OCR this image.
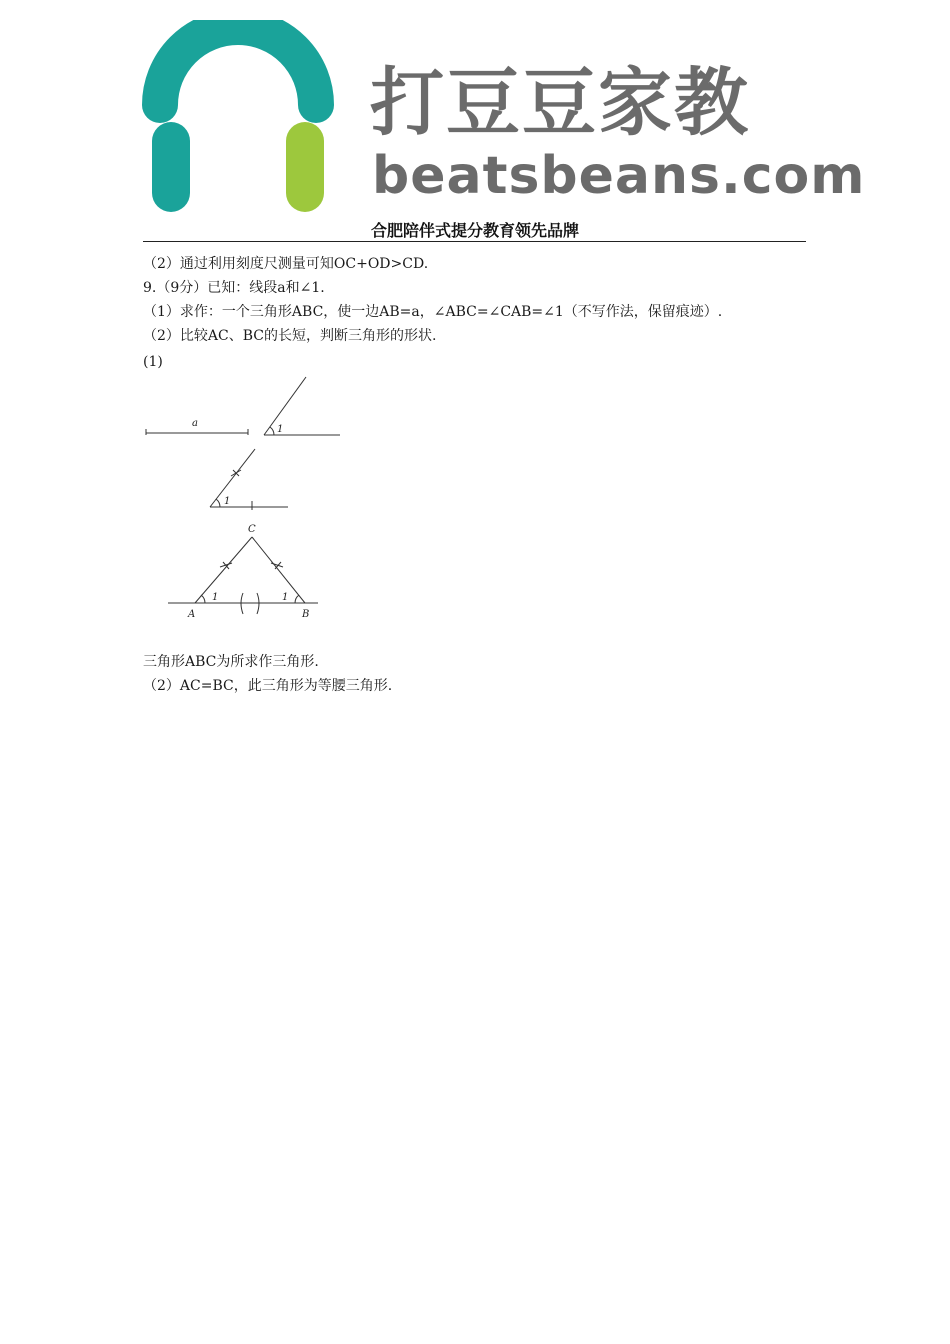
打豆豆家教
beatsbeans.com
合肥陪伴式提分教育领先品牌
（2）通过利用刻度尺测量可知OC+OD>CD.
9.（9分）已知：线段a和∠1.
（1）求作：一个三角形ABC，使一边AB=a，∠ABC=∠CAB=∠1（不写作法，保留痕迹）.
（2）比较AC、BC的长短，判断三角形的形状.
(1)
a
1
1
1	1
A	B
C
三角形ABC为所求作三角形.
（2）AC=BC，此三角形为等腰三角形.
